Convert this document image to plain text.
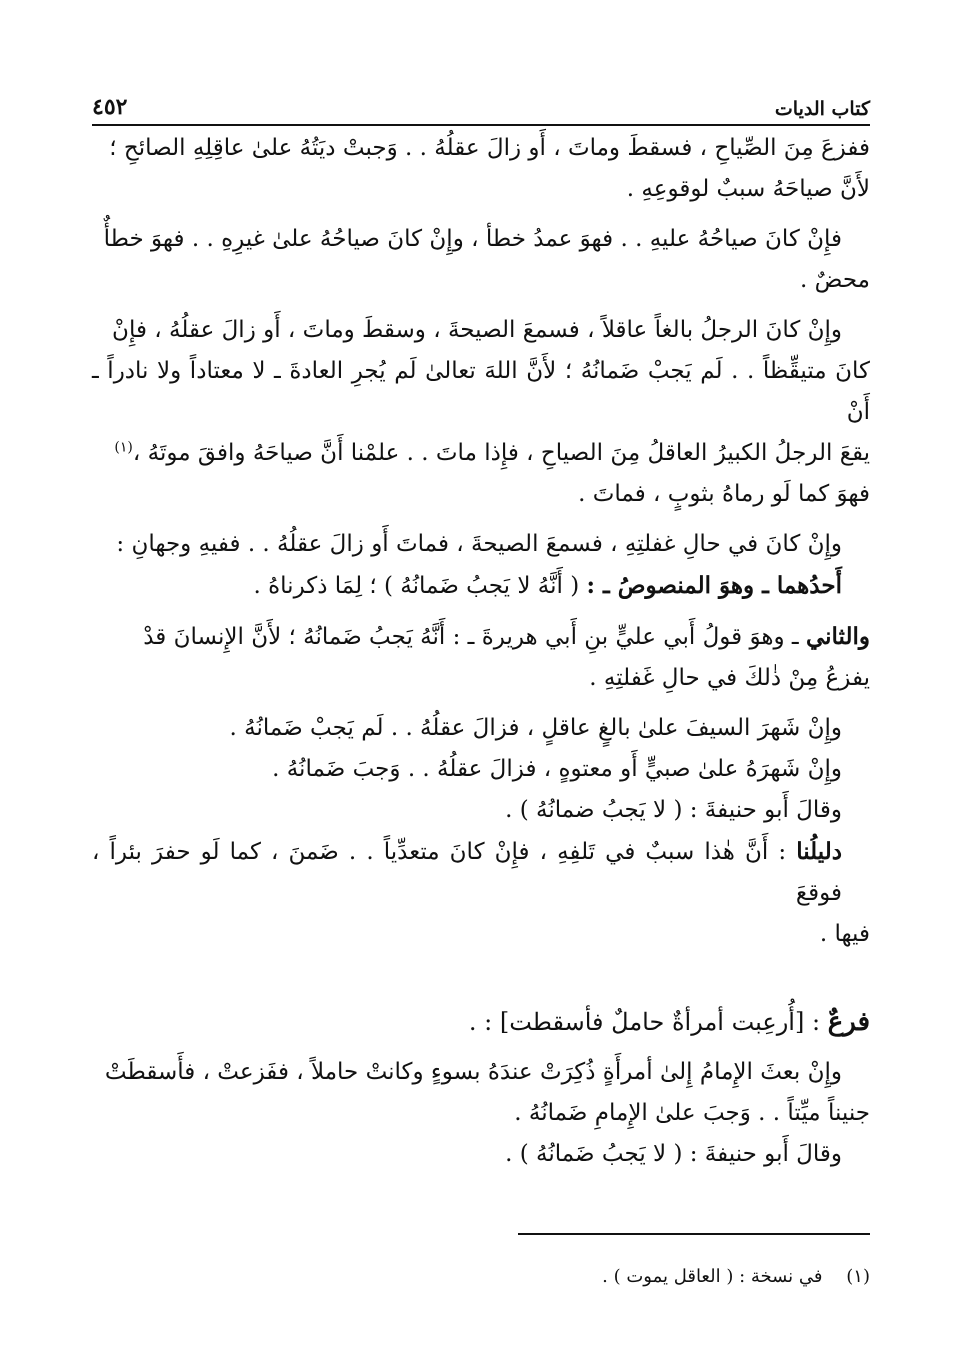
كتاب الديات
٤٥٢

ففزعَ مِنَ الصِّياحِ ، فسقطَ وماتَ ، أَو زالَ عقلُهُ . . وَجبتْ ديَتُهُ علىٰ عاقِلِهِ الصائحِ ؛
لأَنَّ صياحَهُ سببٌ لوقوعِهِ .

فإِنْ كانَ صياحُهُ عليهِ . . فهوَ عمدُ خطأ ، وإِنْ كانَ صياحُهُ علىٰ غيرِهِ . . فهوَ خطأٌ
محضٌ .

وإِنْ كانَ الرجلُ بالغاً عاقلاً ، فسمعَ الصيحةَ ، وسقطَ وماتَ ، أَو زالَ عقلُهُ ، فإِنْ
كانَ متيقِّظاً . . لَم يَجبْ ضَمانُهُ ؛ لأَنَّ اللهَ تعالىٰ لَم يُجرِ العادةَ ـ لا معتاداً ولا نادراً ـ أَنْ
يقعَ الرجلُ الكبيرُ العاقلُ مِنَ الصياحِ ، فإِذا ماتَ . . علمْنا أَنَّ صياحَهُ وافقَ موتَهُ ،$^{(١)}$
فهوَ كما لَو رماهُ بثوبٍ ، فماتَ .

وإِنْ كانَ في حالِ غفلتِهِ ، فسمعَ الصيحةَ ، فماتَ أَو زالَ عقلُهُ . . ففيهِ وجهانِ :
أَحدُهما ـ وهوَ المنصوصُ ـ : ( أَنَّهُ لا يَجبُ ضَمانُهُ ) ؛ لِمَا ذكرناهُ .

والثاني ـ وهوَ قولُ أَبي عليٍّ بنِ أَبي هريرةَ ـ : أَنَّهُ يَجبُ ضَمانُهُ ؛ لأَنَّ الإِنسانَ قدْ
يفزعُ مِنْ ذٰلكَ في حالِ غَفلتِهِ .

وإِنْ شَهرَ السيفَ علىٰ بالغٍ عاقلٍ ، فزالَ عقلُهُ . . لَم يَجبْ ضَمانُهُ .
وإِنْ شَهرَهُ علىٰ صبيٍّ أَو معتوهٍ ، فزالَ عقلُهُ . . وَجبَ ضَمانُهُ .
وقالَ أَبو حنيفةَ : ( لا يَجبُ ضمانُهُ ) .

دليلُنا : أَنَّ هٰذا سببٌ في تَلفِهِ ، فإِنْ كانَ متعدِّياً . . ضَمنَ ، كما لَو حفرَ بئراً ، فوقعَ
فيها .

فرعٌ : [أُرعِبت أمرأةٌ حاملٌ فأسقطت] : .

وإِنْ بعثَ الإِمامُ إِلىٰ أمرأَةٍ ذُكِرَتْ عندَهُ بسوءٍ وكانتْ حاملاً ، ففَزعتْ ، فأَسقطَتْ
جنيناً ميِّتاً . . وَجبَ علىٰ الإِمامِ ضَمانُهُ .
وقالَ أَبو حنيفةَ : ( لا يَجبُ ضَمانُهُ ) .

(١) في نسخة : ( العاقل يموت ) .
